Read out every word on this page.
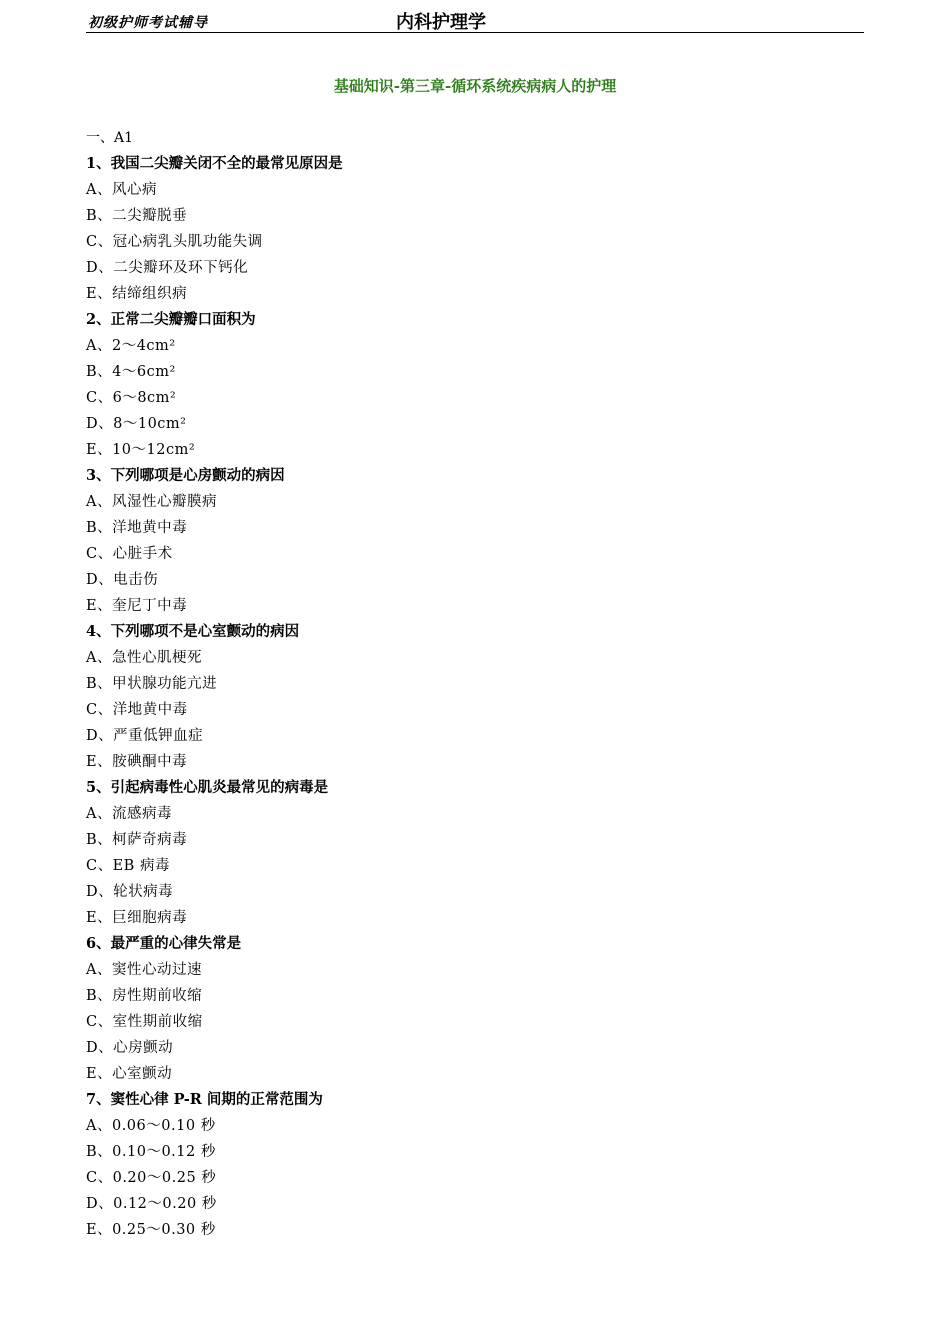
初级护师考试辅导	内科护理学
基础知识-第三章-循环系统疾病病人的护理
一、A1
1、我国二尖瓣关闭不全的最常见原因是
A、风心病
B、二尖瓣脱垂
C、冠心病乳头肌功能失调
D、二尖瓣环及环下钙化
E、结缔组织病
2、正常二尖瓣瓣口面积为
A、2～4cm²
B、4～6cm²
C、6～8cm²
D、8～10cm²
E、10～12cm²
3、下列哪项是心房颤动的病因
A、风湿性心瓣膜病
B、洋地黄中毒
C、心脏手术
D、电击伤
E、奎尼丁中毒
4、下列哪项不是心室颤动的病因
A、急性心肌梗死
B、甲状腺功能亢进
C、洋地黄中毒
D、严重低钾血症
E、胺碘酮中毒
5、引起病毒性心肌炎最常见的病毒是
A、流感病毒
B、柯萨奇病毒
C、EB 病毒
D、轮状病毒
E、巨细胞病毒
6、最严重的心律失常是
A、窦性心动过速
B、房性期前收缩
C、室性期前收缩
D、心房颤动
E、心室颤动
7、窦性心律 P-R 间期的正常范围为
A、0.06～0.10 秒
B、0.10～0.12 秒
C、0.20～0.25 秒
D、0.12～0.20 秒
E、0.25～0.30 秒
